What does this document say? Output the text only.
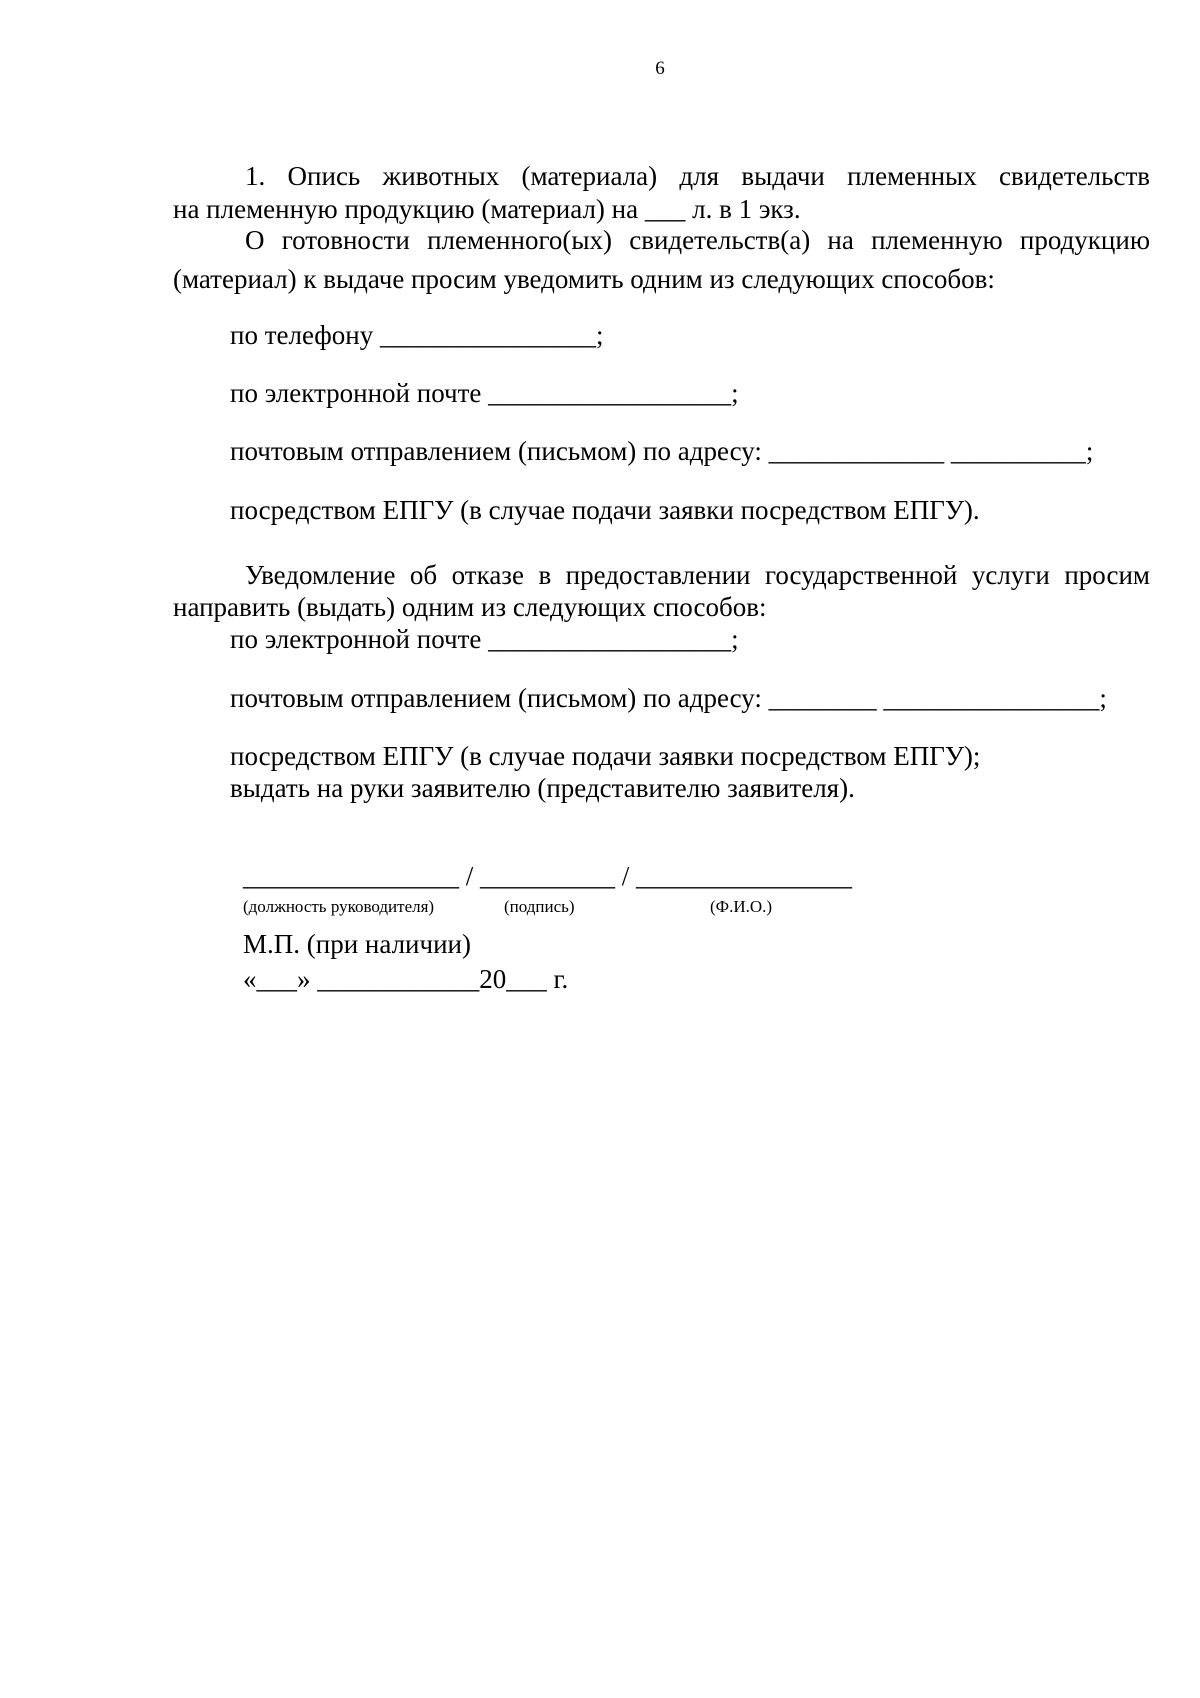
6
1. Опись животных (материала) для выдачи племенных свидетельств
на племенную продукцию (материал) на ___ л. в 1 экз.
О готовности племенного(ых) свидетельств(а) на племенную продукцию
(материал) к выдаче просим уведомить одним из следующих способов:
по телефону ________________;
по электронной почте __________________;
почтовым отправлением (письмом) по адресу: _____________ __________;
посредством ЕПГУ (в случае подачи заявки посредством ЕПГУ).
Уведомление об отказе в предоставлении государственной услуги просим
направить (выдать) одним из следующих способов:
по электронной почте __________________;
почтовым отправлением (письмом) по адресу: ________ ________________;
посредством ЕПГУ (в случае подачи заявки посредством ЕПГУ);
выдать на руки заявителю (представителю заявителя).
________________ / __________ / ________________
(должность руководителя)	(подпись)	(Ф.И.О.)
М.П. (при наличии)
«___» ____________20___ г.
